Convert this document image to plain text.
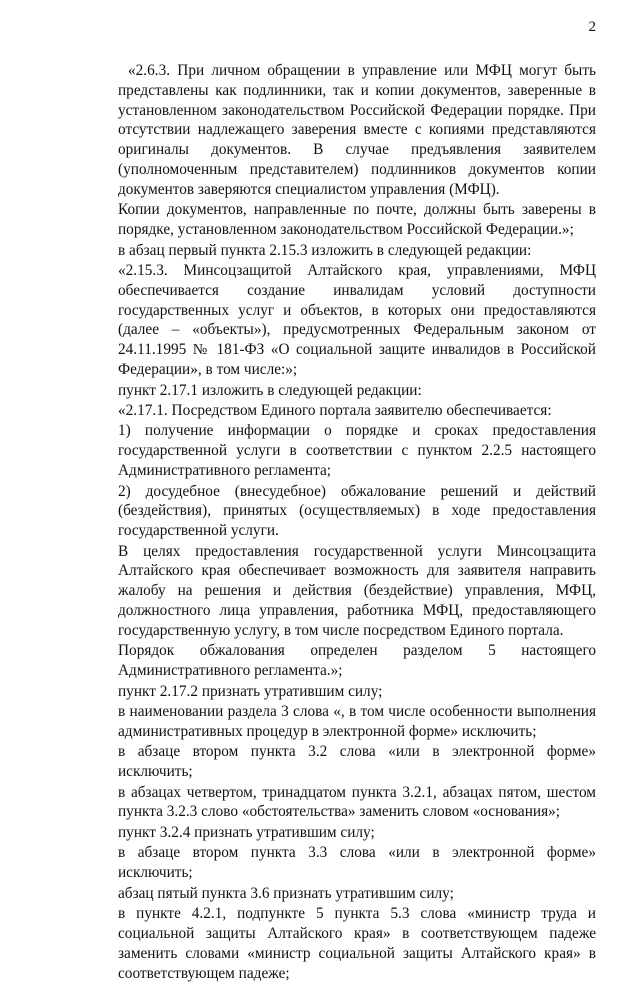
2

«2.6.3. При личном обращении в управление или МФЦ могут быть представлены как подлинники, так и копии документов, заверенные в установленном законодательством Российской Федерации порядке. При отсутствии надлежащего заверения вместе с копиями представляются оригиналы документов. В случае предъявления заявителем (уполномоченным представителем) подлинников документов копии документов заверяются специалистом управления (МФЦ).

Копии документов, направленные по почте, должны быть заверены в порядке, установленном законодательством Российской Федерации.»;

в абзац первый пункта 2.15.3 изложить в следующей редакции:

«2.15.3. Минсоцзащитой Алтайского края, управлениями, МФЦ обеспечивается создание инвалидам условий доступности государственных услуг и объектов, в которых они предоставляются (далее – «объекты»), предусмотренных Федеральным законом от 24.11.1995 № 181-ФЗ «О социальной защите инвалидов в Российской Федерации», в том числе:»;

пункт 2.17.1 изложить в следующей редакции:

«2.17.1. Посредством Единого портала заявителю обеспечивается:

1) получение информации о порядке и сроках предоставления государственной услуги в соответствии с пунктом 2.2.5 настоящего Административного регламента;

2) досудебное (внесудебное) обжалование решений и действий (бездействия), принятых (осуществляемых) в ходе предоставления государственной услуги.

В целях предоставления государственной услуги Минсоцзащита Алтайского края обеспечивает возможность для заявителя направить жалобу на решения и действия (бездействие) управления, МФЦ, должностного лица управления, работника МФЦ, предоставляющего государственную услугу, в том числе посредством Единого портала.

Порядок обжалования определен разделом 5 настоящего Административного регламента.»;

пункт 2.17.2 признать утратившим силу;

в наименовании раздела 3 слова «, в том числе особенности выполнения административных процедур в электронной форме» исключить;

в абзаце втором пункта 3.2 слова «или в электронной форме» исключить;

в абзацах четвертом, тринадцатом пункта 3.2.1, абзацах пятом, шестом пункта 3.2.3 слово «обстоятельства» заменить словом «основания»;

пункт 3.2.4 признать утратившим силу;

в абзаце втором пункта 3.3 слова «или в электронной форме» исключить;

абзац пятый пункта 3.6 признать утратившим силу;

в пункте 4.2.1, подпункте 5 пункта 5.3 слова «министр труда и социальной защиты Алтайского края» в соответствующем падеже заменить словами «министр социальной защиты Алтайского края» в соответствующем падеже;
